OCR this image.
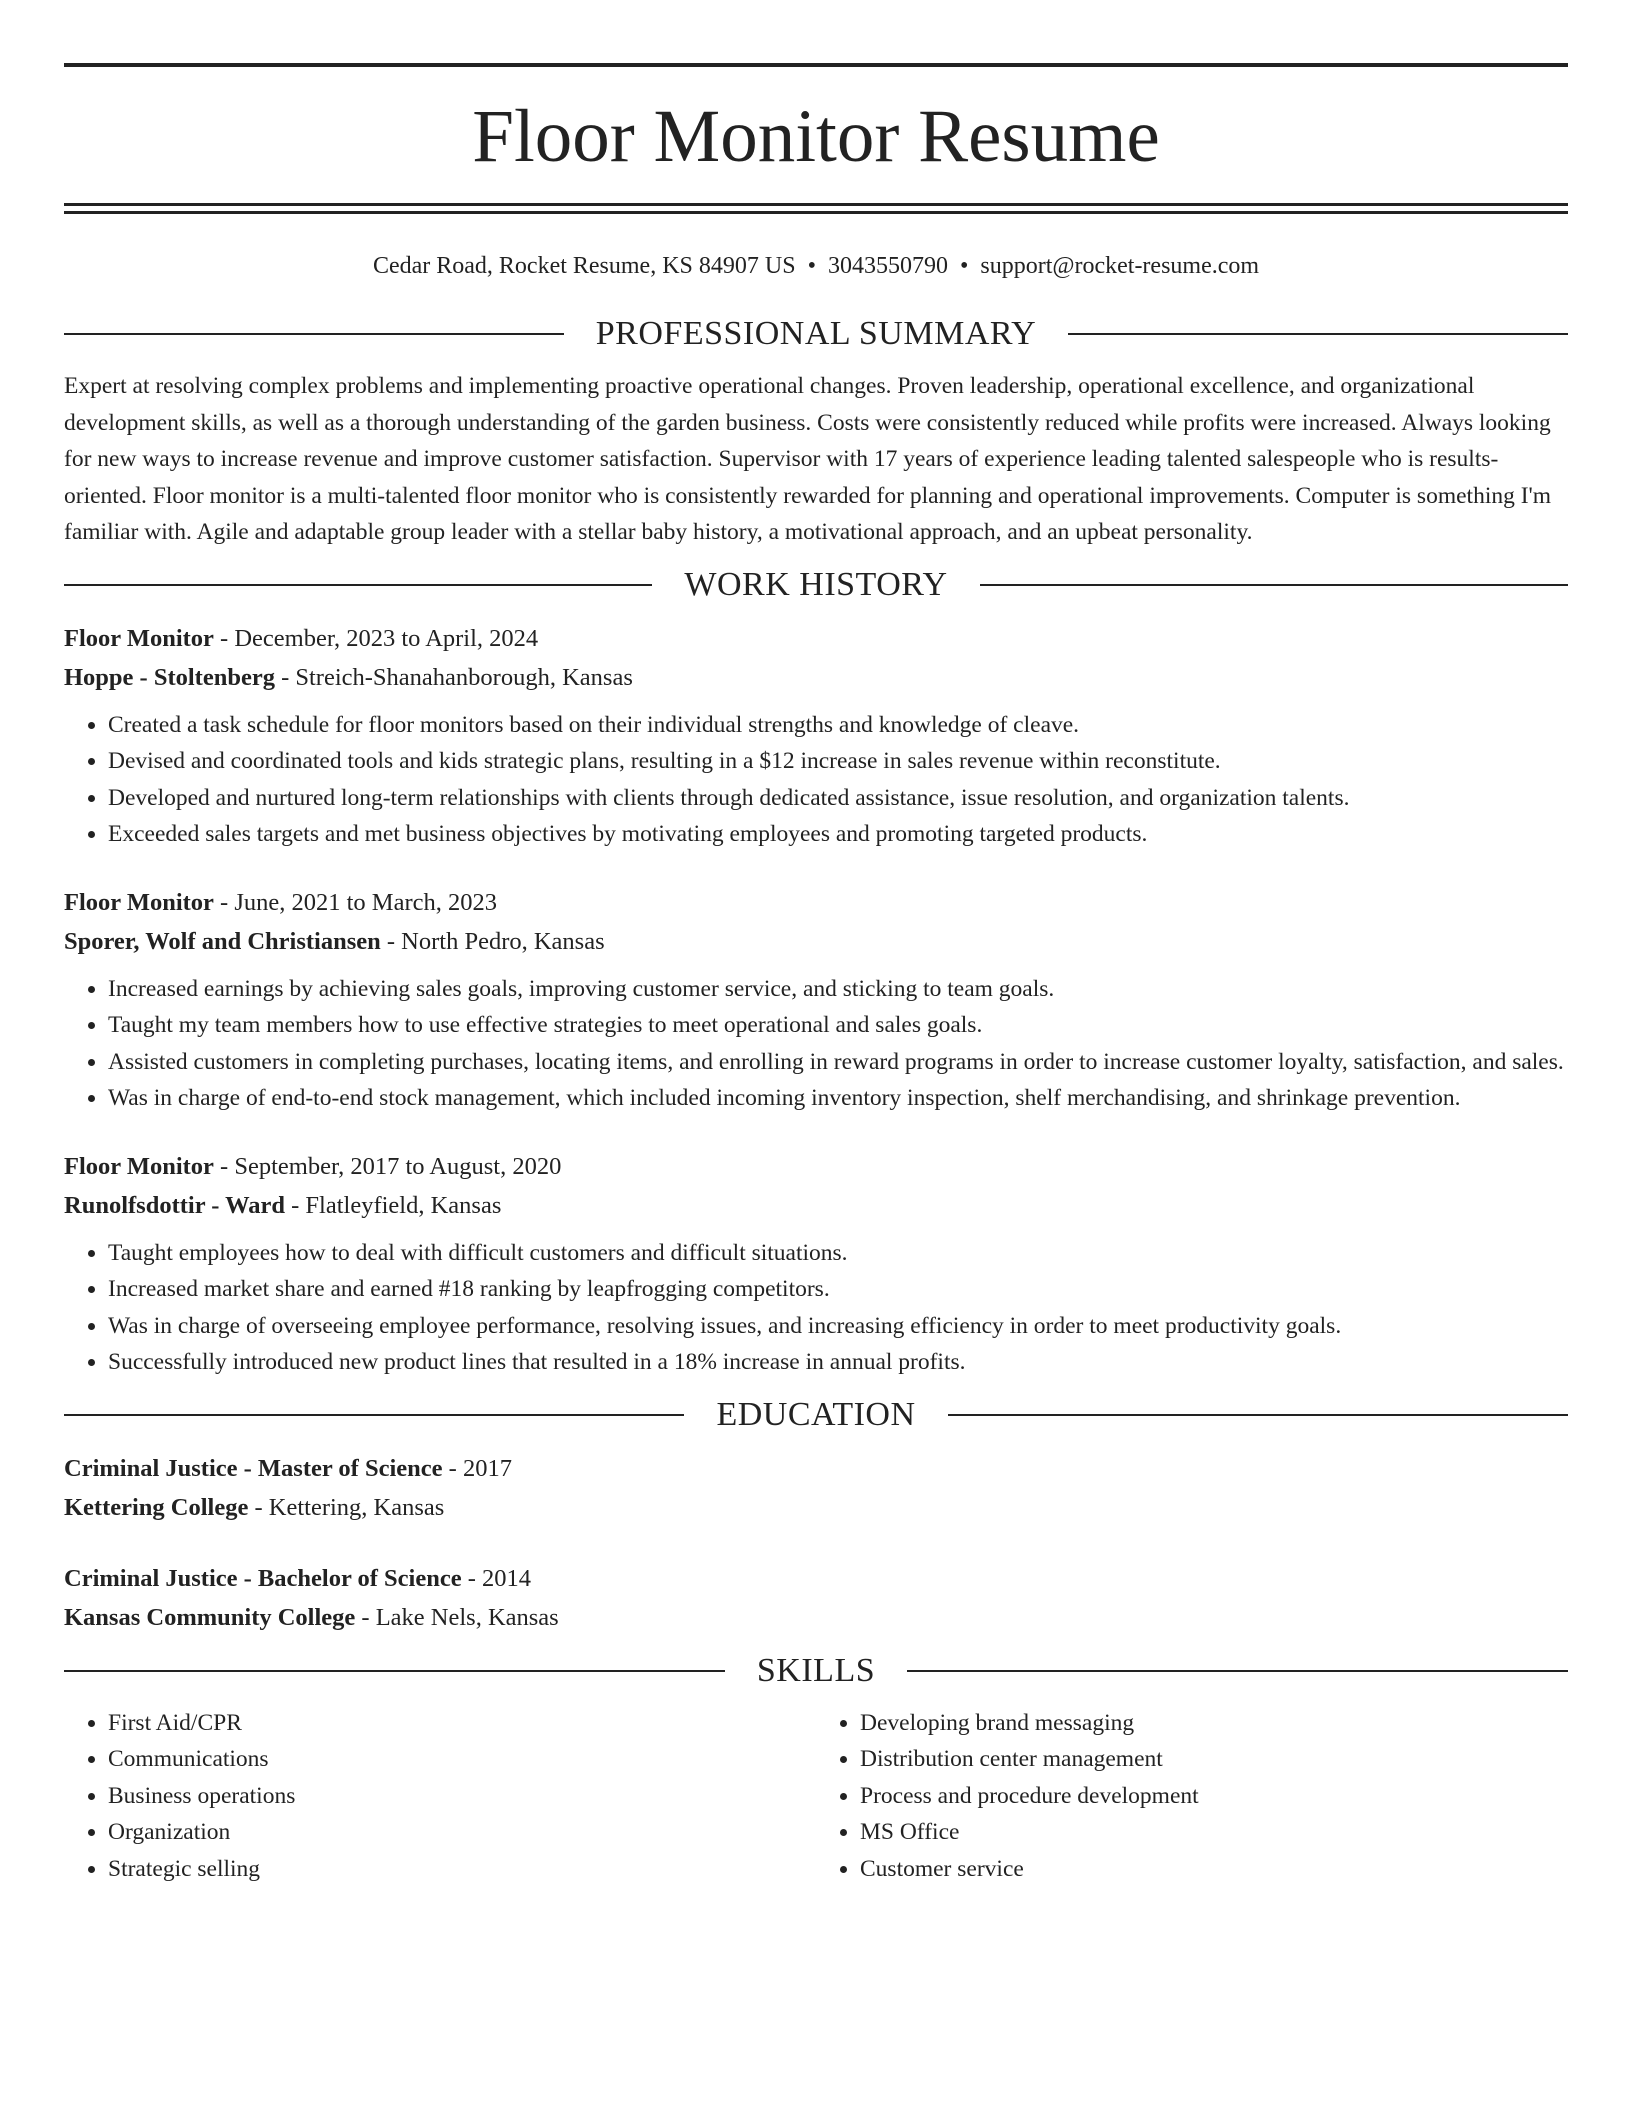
Floor Monitor Resume
Cedar Road, Rocket Resume, KS 84907 US • 3043550790 • support@rocket-resume.com
PROFESSIONAL SUMMARY

Expert at resolving complex problems and implementing proactive operational changes. Proven leadership, operational excellence, and organizational development skills, as well as a thorough understanding of the garden business. Costs were consistently reduced while profits were increased. Always looking for new ways to increase revenue and improve customer satisfaction. Supervisor with 17 years of experience leading talented salespeople who is results-oriented. Floor monitor is a multi-talented floor monitor who is consistently rewarded for planning and operational improvements. Computer is something I'm familiar with. Agile and adaptable group leader with a stellar baby history, a motivational approach, and an upbeat personality.

WORK HISTORY

Floor Monitor - December, 2023 to April, 2024

Hoppe - Stoltenberg - Streich-Shanahanborough, Kansas

• Created a task schedule for floor monitors based on their individual strengths and knowledge of cleave.
• Devised and coordinated tools and kids strategic plans, resulting in a $12 increase in sales revenue within reconstitute.
• Developed and nurtured long-term relationships with clients through dedicated assistance, issue resolution, and organization talents.
• Exceeded sales targets and met business objectives by motivating employees and promoting targeted products.

Floor Monitor - June, 2021 to March, 2023

Sporer, Wolf and Christiansen - North Pedro, Kansas

• Increased earnings by achieving sales goals, improving customer service, and sticking to team goals.
• Taught my team members how to use effective strategies to meet operational and sales goals.
• Assisted customers in completing purchases, locating items, and enrolling in reward programs in order to increase customer loyalty, satisfaction, and sales.
• Was in charge of end-to-end stock management, which included incoming inventory inspection, shelf merchandising, and shrinkage prevention.

Floor Monitor - September, 2017 to August, 2020

Runolfsdottir - Ward - Flatleyfield, Kansas

• Taught employees how to deal with difficult customers and difficult situations.
• Increased market share and earned #18 ranking by leapfrogging competitors.
• Was in charge of overseeing employee performance, resolving issues, and increasing efficiency in order to meet productivity goals.
• Successfully introduced new product lines that resulted in a 18% increase in annual profits.
EDUCATION

Criminal Justice - Master of Science - 2017

Kettering College - Kettering, Kansas

Criminal Justice - Bachelor of Science - 2014

Kansas Community College - Lake Nels, Kansas

SKILLS
• First Aid/CPR
• Communications
• Business operations
• Organization
• Strategic selling
• Developing brand messaging
• Distribution center management
• Process and procedure development
• MS Office
• Customer service
